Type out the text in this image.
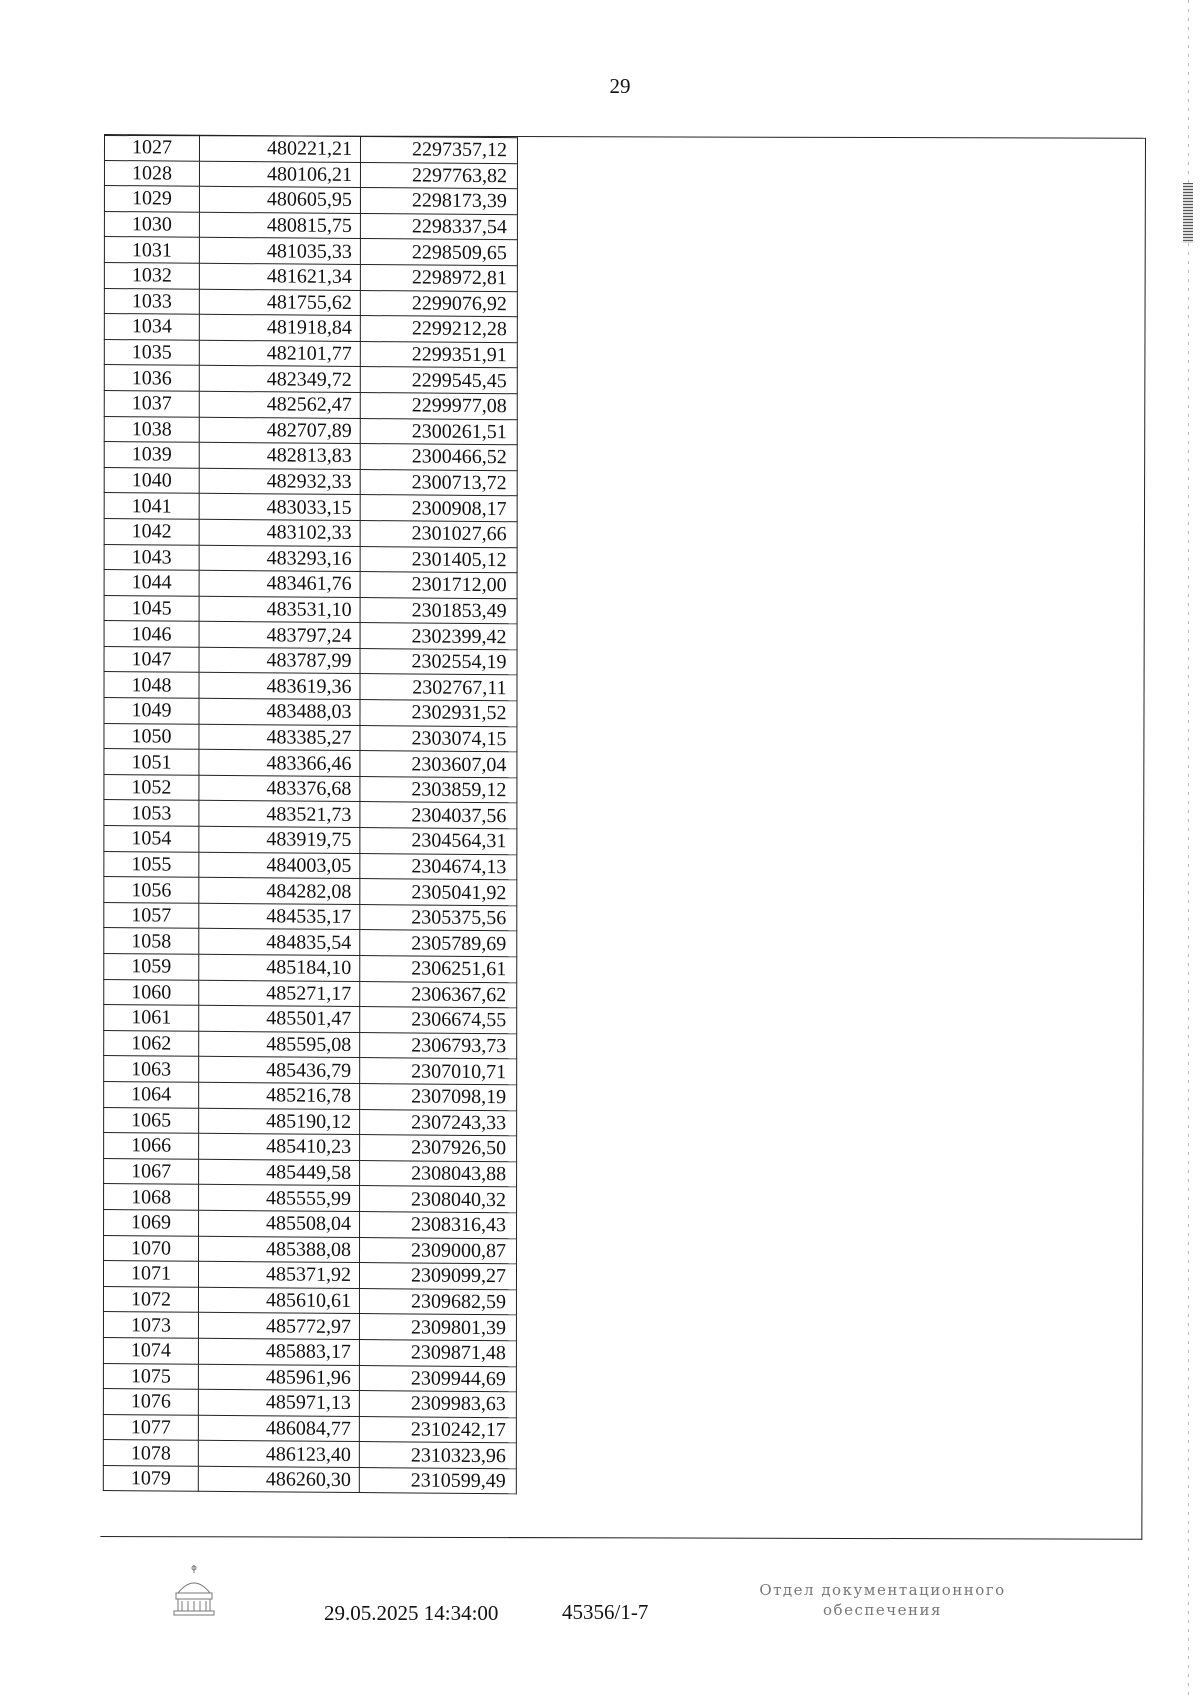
29
1027	480221,21	2297357,12
1028	480106,21	2297763,82
1029	480605,95	2298173,39
1030	480815,75	2298337,54
1031	481035,33	2298509,65
1032	481621,34	2298972,81
1033	481755,62	2299076,92
1034	481918,84	2299212,28
1035	482101,77	2299351,91
1036	482349,72	2299545,45
1037	482562,47	2299977,08
1038	482707,89	2300261,51
1039	482813,83	2300466,52
1040	482932,33	2300713,72
1041	483033,15	2300908,17
1042	483102,33	2301027,66
1043	483293,16	2301405,12
1044	483461,76	2301712,00
1045	483531,10	2301853,49
1046	483797,24	2302399,42
1047	483787,99	2302554,19
1048	483619,36	2302767,11
1049	483488,03	2302931,52
1050	483385,27	2303074,15
1051	483366,46	2303607,04
1052	483376,68	2303859,12
1053	483521,73	2304037,56
1054	483919,75	2304564,31
1055	484003,05	2304674,13
1056	484282,08	2305041,92
1057	484535,17	2305375,56
1058	484835,54	2305789,69
1059	485184,10	2306251,61
1060	485271,17	2306367,62
1061	485501,47	2306674,55
1062	485595,08	2306793,73
1063	485436,79	2307010,71
1064	485216,78	2307098,19
1065	485190,12	2307243,33
1066	485410,23	2307926,50
1067	485449,58	2308043,88
1068	485555,99	2308040,32
1069	485508,04	2308316,43
1070	485388,08	2309000,87
1071	485371,92	2309099,27
1072	485610,61	2309682,59
1073	485772,97	2309801,39
1074	485883,17	2309871,48
1075	485961,96	2309944,69
1076	485971,13	2309983,63
1077	486084,77	2310242,17
1078	486123,40	2310323,96
1079	486260,30	2310599,49
29.05.2025 14:34:00	45356/1-7
Отдел документационного
обеспечения
